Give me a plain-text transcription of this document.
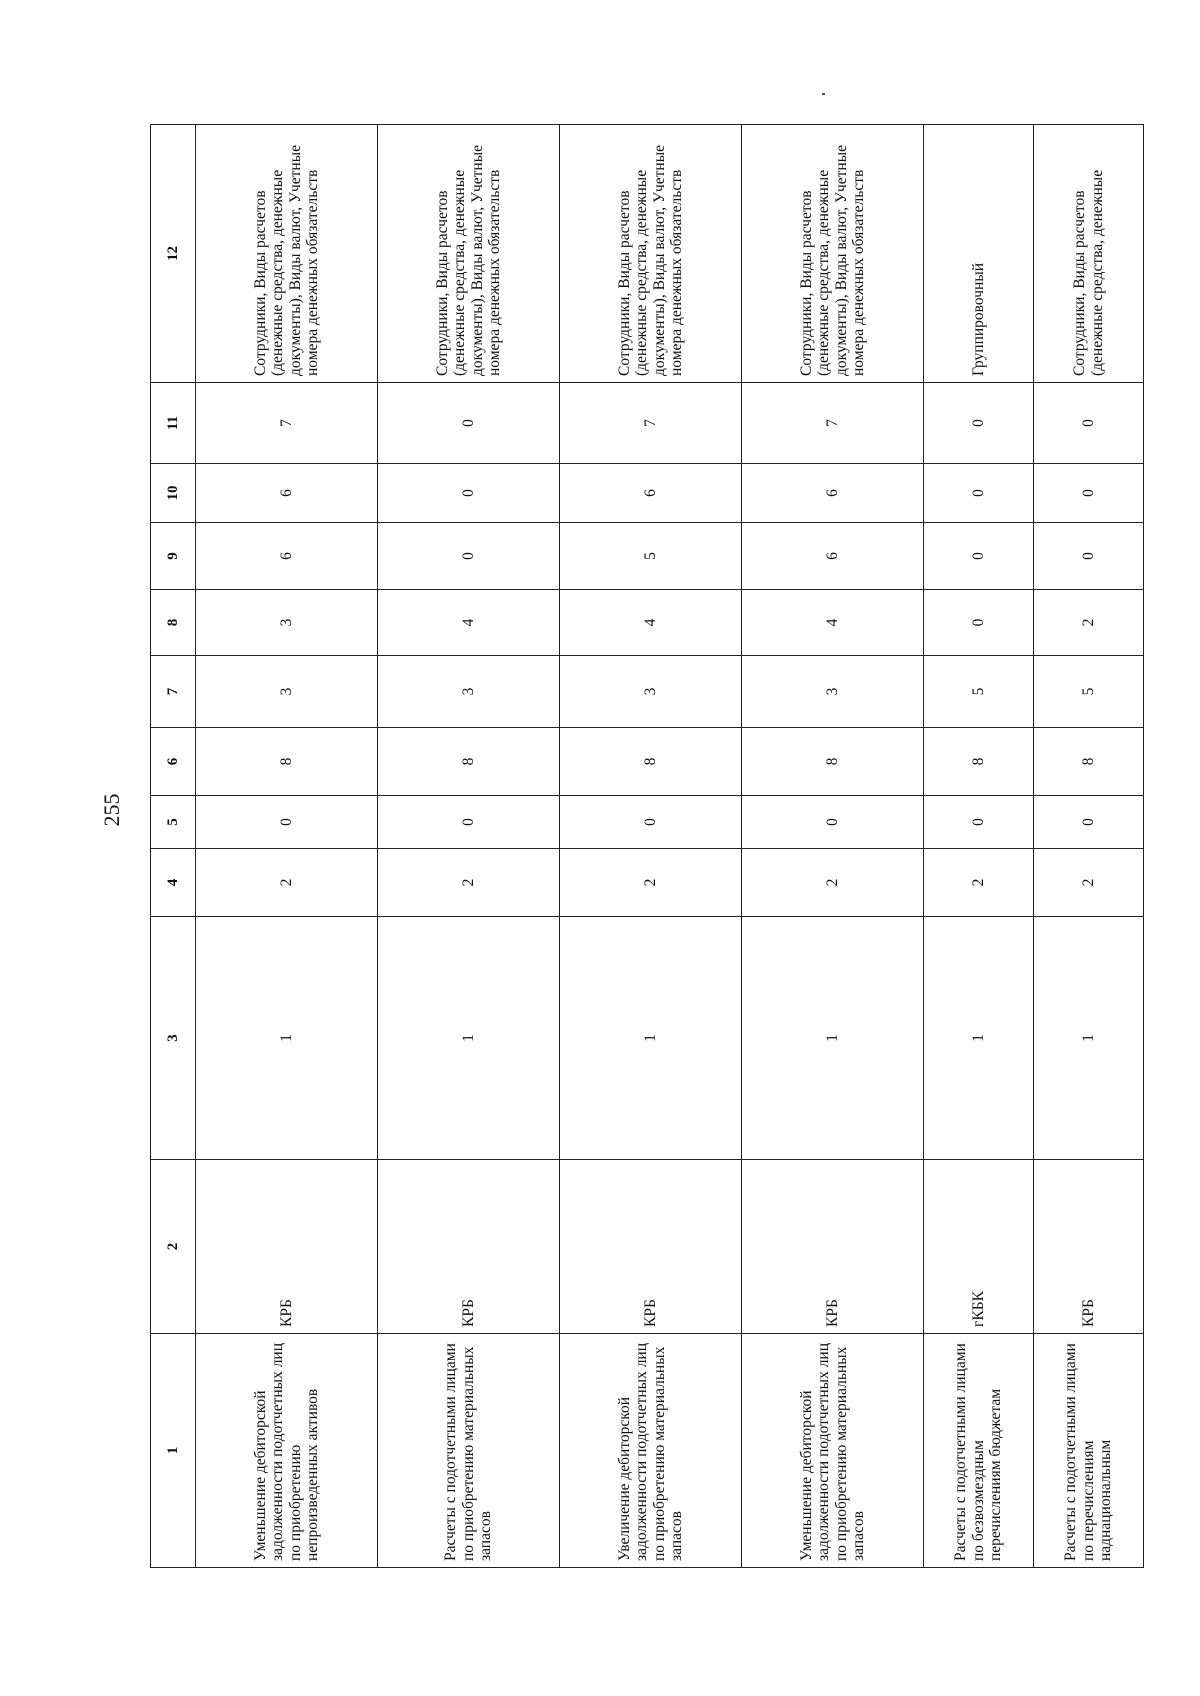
255
1	2	3	4	5	6	7	8	9	10	11	12
Уменьшение дебиторской задолженности подотчетных лиц по приобретению непроизведенных активов	КРБ	1	2	0	8	3	3	6	6	7	Сотрудники, Виды расчетов (денежные средства, денежные документы), Виды валют, Учетные номера денежных обязательств
Расчеты с подотчетными лицами по приобретению материальных запасов	КРБ	1	2	0	8	3	4	0	0	0	Сотрудники, Виды расчетов (денежные средства, денежные документы), Виды валют, Учетные номера денежных обязательств
Увеличение дебиторской задолженности подотчетных лиц по приобретению материальных запасов	КРБ	1	2	0	8	3	4	5	6	7	Сотрудники, Виды расчетов (денежные средства, денежные документы), Виды валют, Учетные номера денежных обязательств
Уменьшение дебиторской задолженности подотчетных лиц по приобретению материальных запасов	КРБ	1	2	0	8	3	4	6	6	7	Сотрудники, Виды расчетов (денежные средства, денежные документы), Виды валют, Учетные номера денежных обязательств
Расчеты с подотчетными лицами по безвозмездным перечислениям бюджетам	гКБК	1	2	0	8	5	0	0	0	0	Группировочный
Расчеты с подотчетными лицами по перечислениям наднациональным	КРБ	1	2	0	8	5	2	0	0	0	Сотрудники, Виды расчетов (денежные средства, денежные
